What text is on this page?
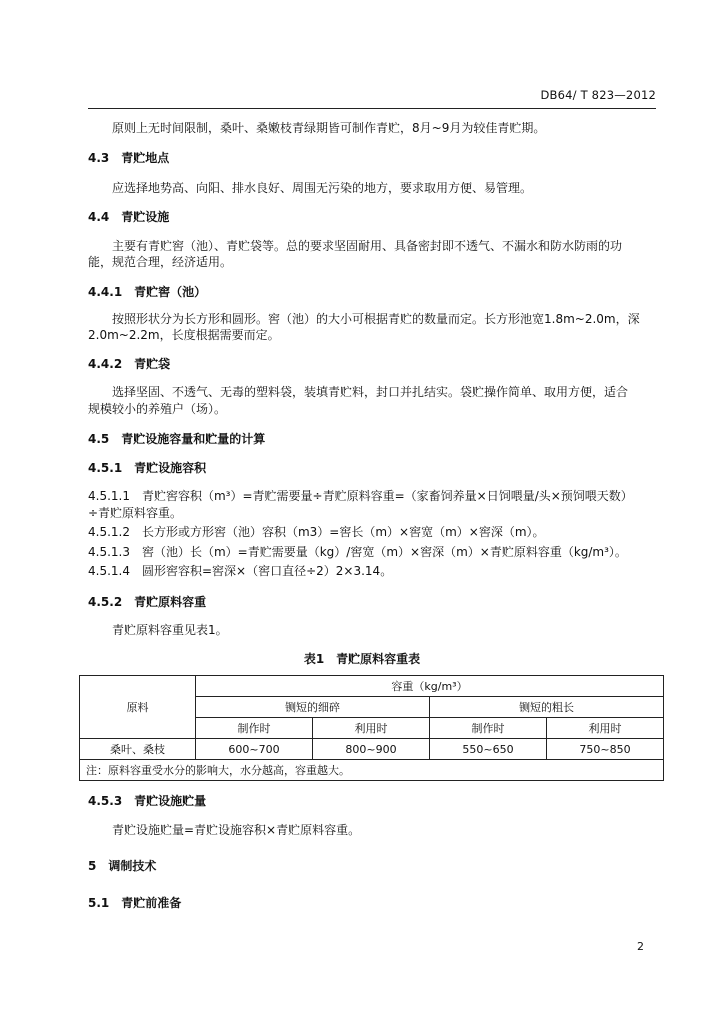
DB64/ T 823—2012
原则上无时间限制，桑叶、桑嫩枝青绿期皆可制作青贮，8月~9月为较佳青贮期。
4.3　青贮地点
应选择地势高、向阳、排水良好、周围无污染的地方，要求取用方便、易管理。
4.4　青贮设施
主要有青贮窖（池）、青贮袋等。总的要求坚固耐用、具备密封即不透气、不漏水和防水防雨的功
能，规范合理，经济适用。
4.4.1　青贮窖（池）
按照形状分为长方形和圆形。窖（池）的大小可根据青贮的数量而定。长方形池宽1.8m~2.0m，深
2.0m~2.2m，长度根据需要而定。
4.4.2　青贮袋
选择坚固、不透气、无毒的塑料袋，装填青贮料，封口并扎结实。袋贮操作简单、取用方便，适合
规模较小的养殖户（场）。
4.5　青贮设施容量和贮量的计算
4.5.1　青贮设施容积
4.5.1.1　青贮窖容积（m³）=青贮需要量÷青贮原料容重=（家畜饲养量×日饲喂量/头×预饲喂天数）
÷青贮原料容重。
4.5.1.2　长方形或方形窖（池）容积（m3）=窖长（m）×窖宽（m）×窖深（m）。
4.5.1.3　窖（池）长（m）=青贮需要量（kg）/窖宽（m）×窖深（m）×青贮原料容重（kg/m³）。
4.5.1.4　圆形窖容积=窖深×（窖口直径÷2）2×3.14。
4.5.2　青贮原料容重
青贮原料容重见表1。
表1　青贮原料容重表
原料	容重（kg/m³）			
	铡短的细碎		铡短的粗长	
	制作时	利用时	制作时	利用时
桑叶、桑枝	600~700	800~900	550~650	750~850
注：原料容重受水分的影响大，水分越高，容重越大。				
4.5.3　青贮设施贮量
青贮设施贮量=青贮设施容积×青贮原料容重。
5　调制技术
5.1　青贮前准备
2
